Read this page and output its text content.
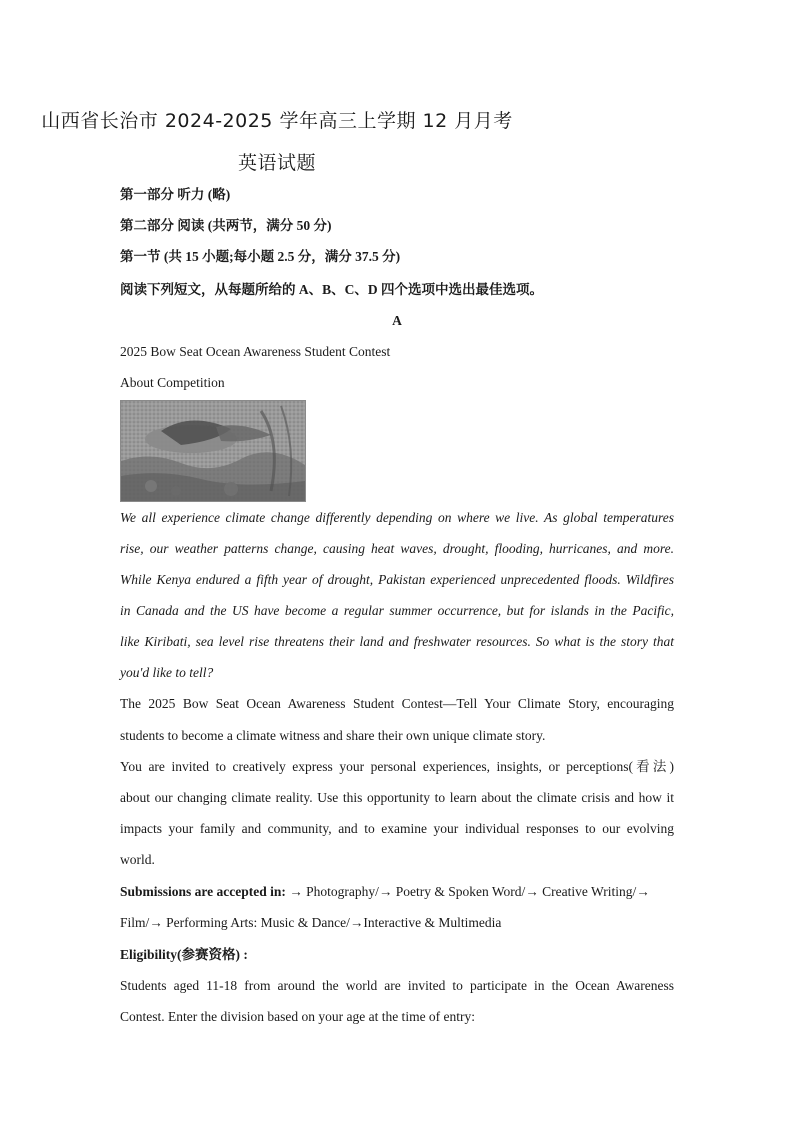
山西省长治市 2024-2025 学年高三上学期 12 月月考
英语试题
第一部分 听力 (略)
第二部分 阅读 (共两节，满分 50 分)
第一节 (共 15 小题;每小题 2.5 分，满分 37.5 分)
阅读下列短文，从每题所给的 A、B、C、D 四个选项中选出最佳选项。
A
2025 Bow Seat Ocean Awareness Student Contest
About Competition
We all experience climate change differently depending on where we live. As global temperatures
rise, our weather patterns change, causing heat waves, drought, flooding, hurricanes, and more.
While Kenya endured a fifth year of drought, Pakistan experienced unprecedented floods. Wildfires
in Canada and the US have become a regular summer occurrence, but for islands in the Pacific,
like Kiribati, sea level rise threatens their land and freshwater resources. So what is the story that
you'd like to tell?
The 2025 Bow Seat Ocean Awareness Student Contest—Tell Your Climate Story, encouraging
students to become a climate witness and share their own unique climate story.
You are invited to creatively express your personal experiences, insights, or perceptions(看法)
about our changing climate reality. Use this opportunity to learn about the climate crisis and how it
impacts your family and community, and to examine your individual responses to our evolving
world.
Submissions are accepted in: → Photography/→ Poetry & Spoken Word/→ Creative Writing/→
Film/→ Performing Arts: Music & Dance/→Interactive & Multimedia
Eligibility(参赛资格) :
Students aged 11-18 from around the world are invited to participate in the Ocean Awareness
Contest. Enter the division based on your age at the time of entry:
